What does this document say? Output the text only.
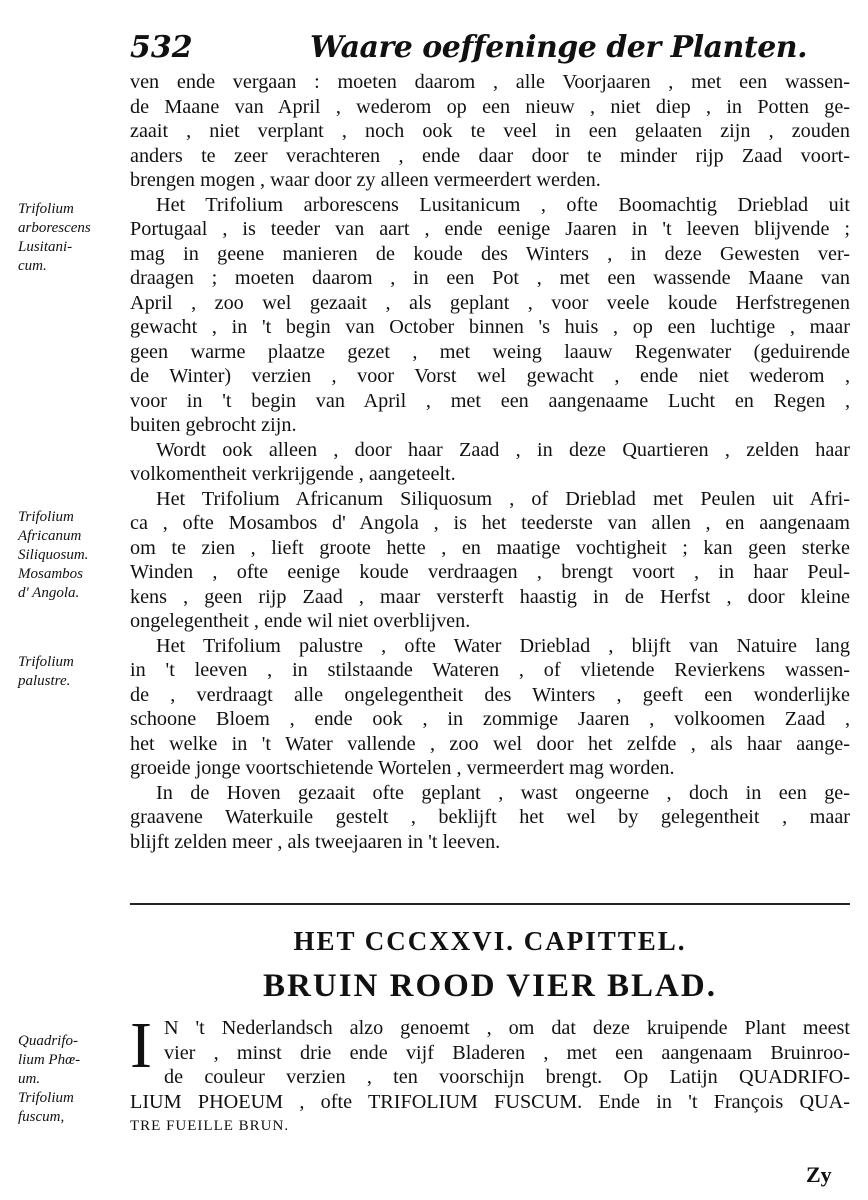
532	Waare oeffeninge der Planten.
Trifolium
arborescens
Lusitani-
cum.
Trifolium
Africanum
Siliquosum.
Mosambos
d' Angola.
Trifolium
palustre.
Quadrifo-
lium Phœ-
um.
Trifolium
fuscum,
ven ende vergaan : moeten daarom , alle Voorjaaren , met een wassen-
de Maane van April , wederom op een nieuw , niet diep , in Potten ge-
zaait , niet verplant , noch ook te veel in een gelaaten zijn , zouden
anders te zeer verachteren , ende daar door te minder rijp Zaad voort-
brengen mogen , waar door zy alleen vermeerdert werden.
Het Trifolium arborescens Lusitanicum , ofte Boomachtig Drieblad uit
Portugaal , is teeder van aart , ende eenige Jaaren in 't leeven blijvende ;
mag in geene manieren de koude des Winters , in deze Gewesten ver-
draagen ; moeten daarom , in een Pot , met een wassende Maane van
April , zoo wel gezaait , als geplant , voor veele koude Herfstregenen
gewacht , in 't begin van October binnen 's huis , op een luchtige , maar
geen warme plaatze gezet , met weing laauw Regenwater (geduirende
de Winter) verzien , voor Vorst wel gewacht , ende niet wederom ,
voor in 't begin van April , met een aangenaame Lucht en Regen ,
buiten gebrocht zijn.
Wordt ook alleen , door haar Zaad , in deze Quartieren , zelden haar
volkomentheit verkrijgende , aangeteelt.
Het Trifolium Africanum Siliquosum , of Drieblad met Peulen uit Afri-
ca , ofte Mosambos d' Angola , is het teederste van allen , en aangenaam
om te zien , lieft groote hette , en maatige vochtigheit ; kan geen sterke
Winden , ofte eenige koude verdraagen , brengt voort , in haar Peul-
kens , geen rijp Zaad , maar versterft haastig in de Herfst , door kleine
ongelegentheit , ende wil niet overblijven.
Het Trifolium palustre , ofte Water Drieblad , blijft van Natuire lang
in 't leeven , in stilstaande Wateren , of vlietende Revierkens wassen-
de , verdraagt alle ongelegentheit des Winters , geeft een wonderlijke
schoone Bloem , ende ook , in zommige Jaaren , volkoomen Zaad ,
het welke in 't Water vallende , zoo wel door het zelfde , als haar aange-
groeide jonge voortschietende Wortelen , vermeerdert mag worden.
In de Hoven gezaait ofte geplant , wast ongeerne , doch in een ge-
graavene Waterkuile gestelt , beklijft het wel by gelegentheit , maar
blijft zelden meer , als tweejaaren in 't leeven.
HET CCCXXVI. CAPITTEL.
BRUIN ROOD VIER BLAD.
I N 't Nederlandsch alzo genoemt , om dat deze kruipende Plant meest
vier , minst drie ende vijf Bladeren , met een aangenaam Bruinroo-
de couleur verzien , ten voorschijn brengt. Op Latijn QUADRIFO-
LIUM PHOEUM , ofte TRIFOLIUM FUSCUM. Ende in 't François QUA-
TRE FUEILLE BRUN.
Zy
